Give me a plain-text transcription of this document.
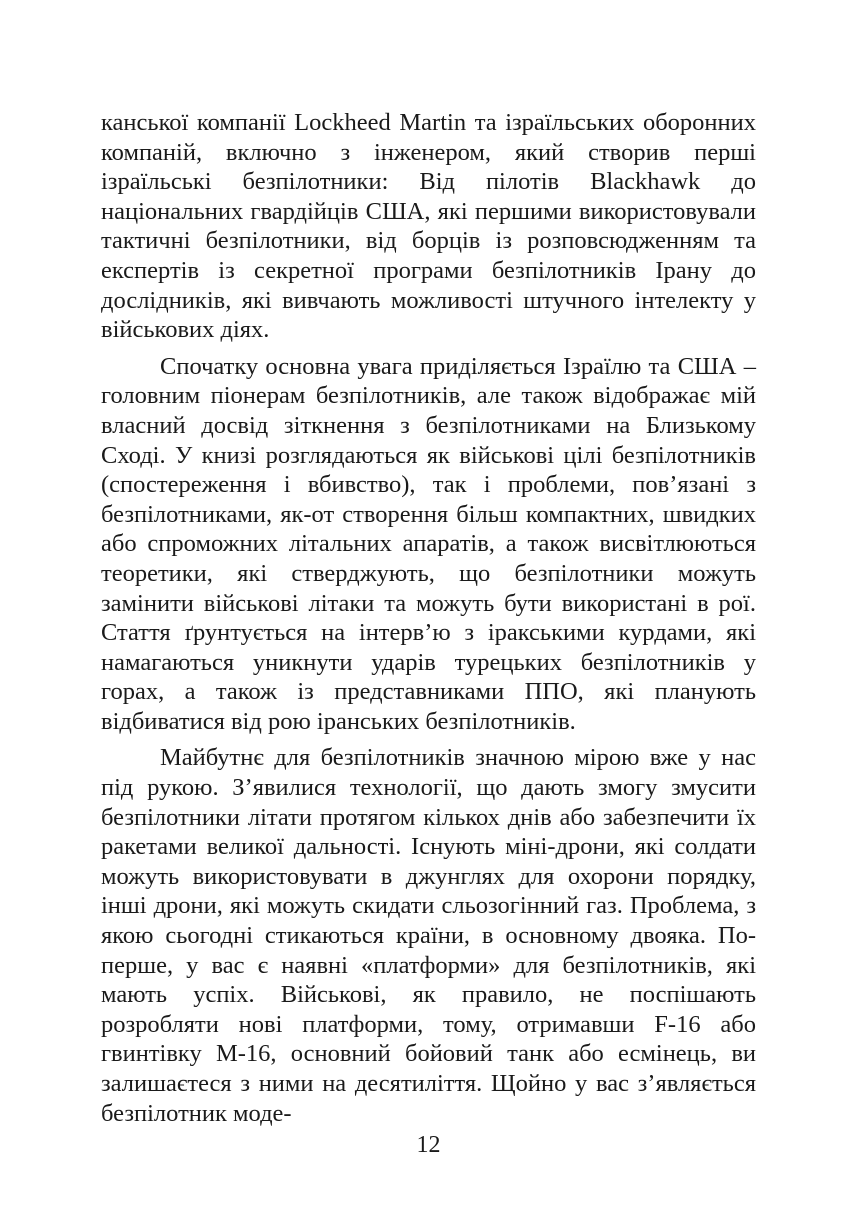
канської компанії Lockheed Martin та ізраїльських оборонних компаній, включно з інженером, який створив перші ізраїльські безпілотники: Від пілотів Blackhawk до національних гвардійців США, які першими використовували тактичні безпілотники, від борців із розповсюдженням та експертів із секретної програми безпілотників Ірану до дослідників, які вивчають можливості штучного інтелекту у військових діях.

Спочатку основна увага приділяється Ізраїлю та США – головним піонерам безпілотників, але також відображає мій власний досвід зіткнення з безпілотниками на Близькому Сході. У книзі розглядаються як військові цілі безпілотників (спостереження і вбивство), так і проблеми, пов’язані з безпілотниками, як-от створення більш компактних, швидких або спроможних літальних апаратів, а також висвітлюються теоретики, які стверджують, що безпілотники можуть замінити військові літаки та можуть бути використані в рої. Стаття ґрунтується на інтерв’ю з іракськими курдами, які намагаються уникнути ударів турецьких безпілотників у горах, а також із представниками ППО, які планують відбиватися від рою іранських безпілотників.

Майбутнє для безпілотників значною мірою вже у нас під рукою. З’явилися технології, що дають змогу змусити безпілотники літати протягом кількох днів або забезпечити їх ракетами великої дальності. Існують міні-дрони, які солдати можуть використовувати в джунглях для охорони порядку, інші дрони, які можуть скидати сльозогінний газ. Проблема, з якою сьогодні стикаються країни, в основному двояка. По-перше, у вас є наявні «платформи» для безпілотників, які мають успіх. Військові, як правило, не поспішають розробляти нові платформи, тому, отримавши F-16 або гвинтівку M-16, основний бойовий танк або есмінець, ви залишаєтеся з ними на десятиліття. Щойно у вас з’являється безпілотник моде-

12
